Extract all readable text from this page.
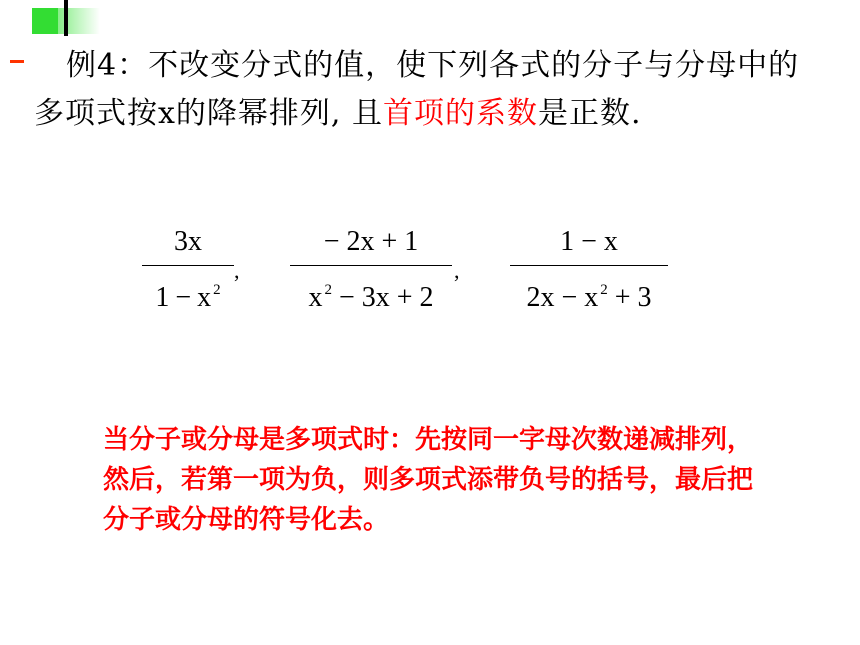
例4：不改变分式的值，使下列各式的分子与分母中的多项式按x的降幂排列, 且首项的系数是正数.
3x
1 − x $^2$
,
− 2x + 1
x $^2$ − 3x + 2
,
1 − x
2x − x $^2$ + 3
当分子或分母是多项式时：先按同一字母次数递减排列，然后，若第一项为负，则多项式添带负号的括号，最后把分子或分母的符号化去。
